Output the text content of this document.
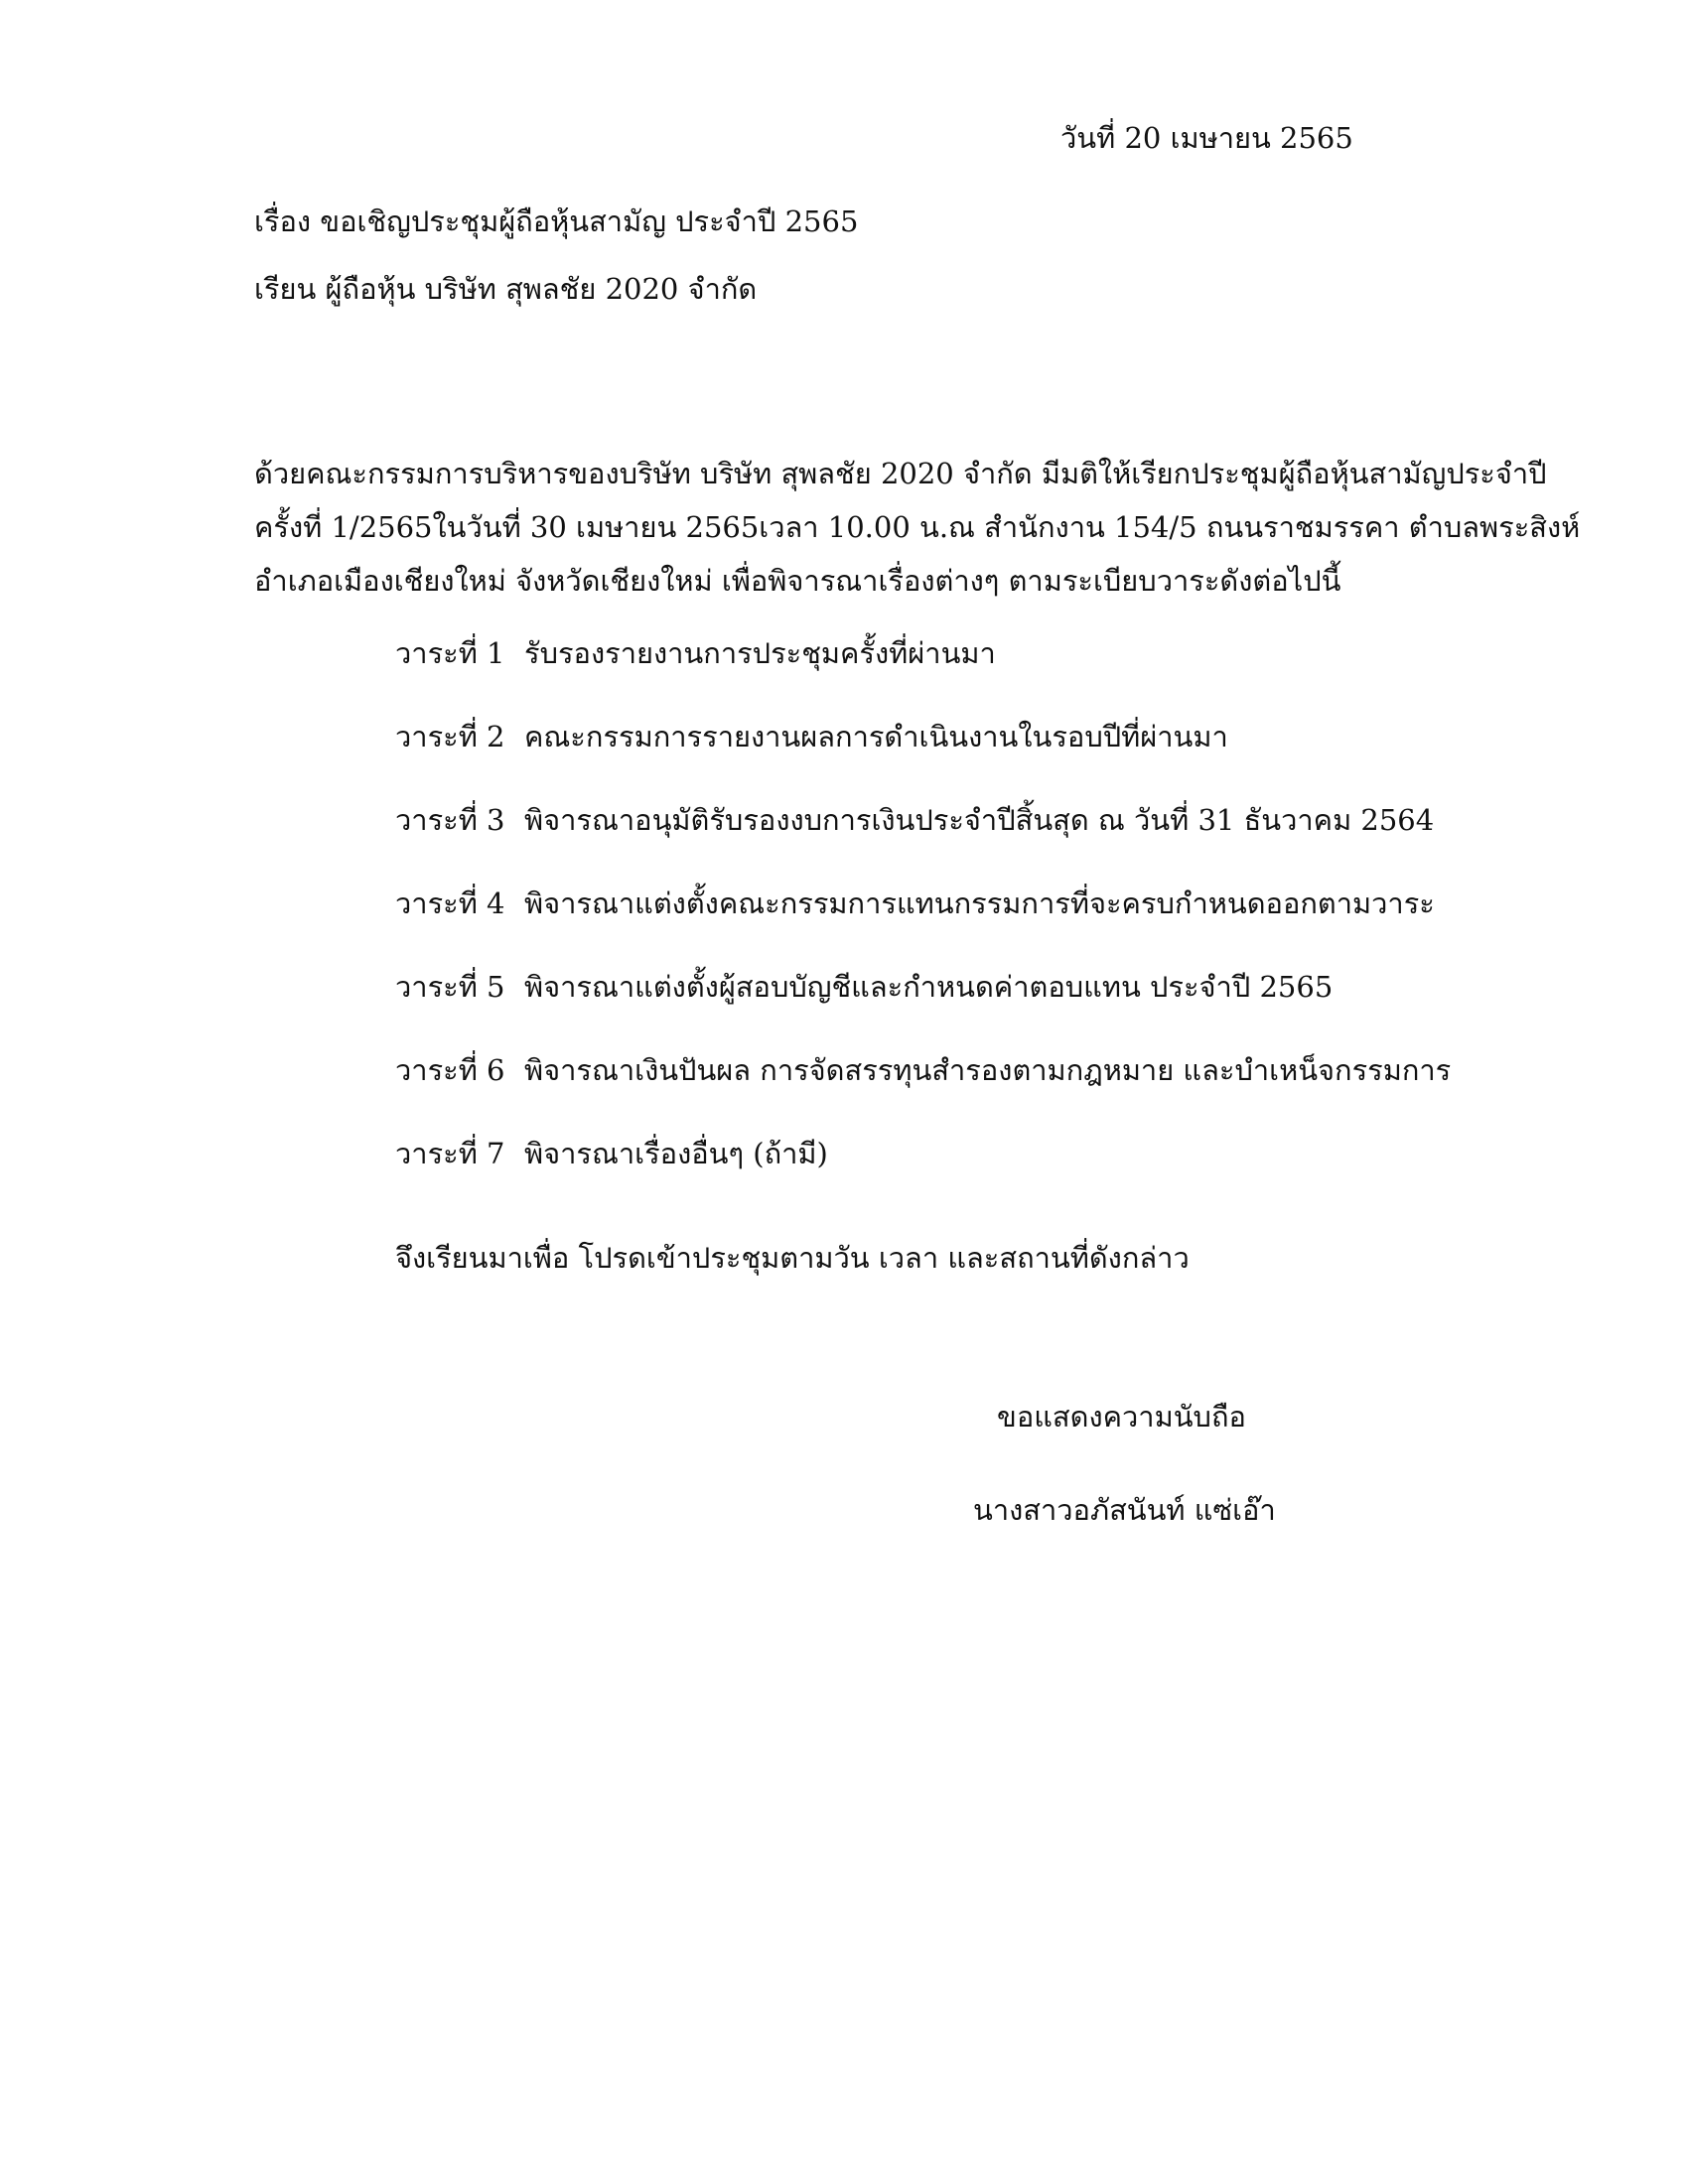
วันที่ 20 เมษายน 2565
เรื่อง ขอเชิญประชุมผู้ถือหุ้นสามัญ ประจำปี 2565
เรียน ผู้ถือหุ้น บริษัท สุพลชัย 2020 จำกัด
ด้วยคณะกรรมการบริหารของบริษัท บริษัท สุพลชัย 2020 จำกัด มีมติให้เรียกประชุมผู้ถือหุ้นสามัญประจำปี
ครั้งที่ 1/2565ในวันที่ 30 เมษายน 2565เวลา 10.00 น.ณ สำนักงาน 154/5 ถนนราชมรรคา ตำบลพระสิงห์
อำเภอเมืองเชียงใหม่ จังหวัดเชียงใหม่ เพื่อพิจารณาเรื่องต่างๆ ตามระเบียบวาระดังต่อไปนี้
วาระที่ 1 รับรองรายงานการประชุมครั้งที่ผ่านมา
วาระที่ 2 คณะกรรมการรายงานผลการดำเนินงานในรอบปีที่ผ่านมา
วาระที่ 3 พิจารณาอนุมัติรับรองงบการเงินประจำปีสิ้นสุด ณ วันที่ 31 ธันวาคม 2564
วาระที่ 4 พิจารณาแต่งตั้งคณะกรรมการแทนกรรมการที่จะครบกำหนดออกตามวาระ
วาระที่ 5 พิจารณาแต่งตั้งผู้สอบบัญชีและกำหนดค่าตอบแทน ประจำปี 2565
วาระที่ 6 พิจารณาเงินปันผล การจัดสรรทุนสำรองตามกฎหมาย และบำเหน็จกรรมการ
วาระที่ 7 พิจารณาเรื่องอื่นๆ (ถ้ามี)
จึงเรียนมาเพื่อ โปรดเข้าประชุมตามวัน เวลา และสถานที่ดังกล่าว
ขอแสดงความนับถือ
นางสาวอภัสนันท์ แซ่เอ๊า
